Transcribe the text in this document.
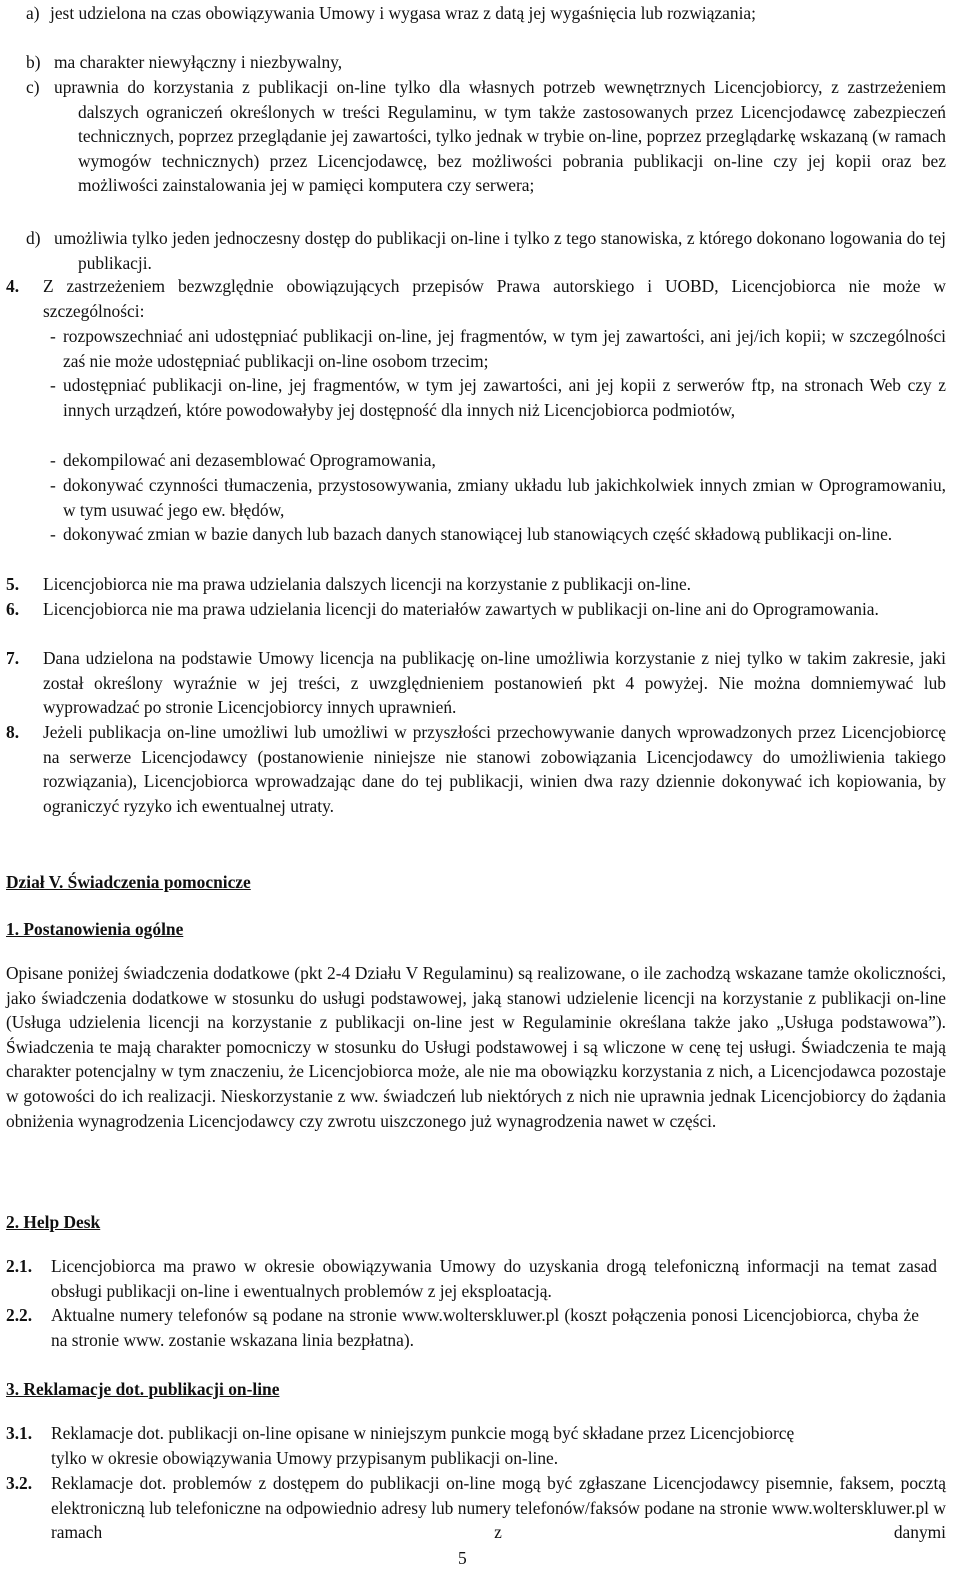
a) jest udzielona na czas obowiązywania Umowy i wygasa wraz z datą jej wygaśnięcia lub rozwiązania;
b) ma charakter niewyłączny i niezbywalny,
c) uprawnia do korzystania z publikacji on-line tylko dla własnych potrzeb wewnętrznych Licencjobiorcy, z zastrzeżeniem dalszych ograniczeń określonych w treści Regulaminu, w tym także zastosowanych przez Licencjodawcę zabezpieczeń technicznych, poprzez przeglądanie jej zawartości, tylko jednak w trybie on-line, poprzez przeglądarkę wskazaną (w ramach wymogów technicznych) przez Licencjodawcę, bez możliwości pobrania publikacji on-line czy jej kopii oraz bez możliwości zainstalowania jej w pamięci komputera czy serwera;
d) umożliwia tylko jeden jednoczesny dostęp do publikacji on-line i tylko z tego stanowiska, z którego dokonano logowania do tej publikacji.
4. Z zastrzeżeniem bezwzględnie obowiązujących przepisów Prawa autorskiego i UOBD, Licencjobiorca nie może w szczególności:
- rozpowszechniać ani udostępniać publikacji on-line, jej fragmentów, w tym jej zawartości, ani jej/ich kopii; w szczególności zaś nie może udostępniać publikacji on-line osobom trzecim;
- udostępniać publikacji on-line, jej fragmentów, w tym jej zawartości, ani jej kopii z serwerów ftp, na stronach Web czy z innych urządzeń, które powodowałyby jej dostępność dla innych niż Licencjobiorca podmiotów,
- dekompilować ani dezasemblować Oprogramowania,
- dokonywać czynności tłumaczenia, przystosowywania, zmiany układu lub jakichkolwiek innych zmian w Oprogramowaniu, w tym usuwać jego ew. błędów,
- dokonywać zmian w bazie danych lub bazach danych stanowiącej lub stanowiących część składową publikacji on-line.
5. Licencjobiorca nie ma prawa udzielania dalszych licencji na korzystanie z publikacji on-line.
6. Licencjobiorca nie ma prawa udzielania licencji do materiałów zawartych w publikacji on-line ani do Oprogramowania.
7. Dana udzielona na podstawie Umowy licencja na publikację on-line umożliwia korzystanie z niej tylko w takim zakresie, jaki został określony wyraźnie w jej treści, z uwzględnieniem postanowień pkt 4 powyżej. Nie można domniemywać lub wyprowadzać po stronie Licencjobiorcy innych uprawnień.
8. Jeżeli publikacja on-line umożliwi lub umożliwi w przyszłości przechowywanie danych wprowadzonych przez Licencjobiorcę na serwerze Licencjodawcy (postanowienie niniejsze nie stanowi zobowiązania Licencjodawcy do umożliwienia takiego rozwiązania), Licencjobiorca wprowadzając dane do tej publikacji, winien dwa razy dziennie dokonywać ich kopiowania, by ograniczyć ryzyko ich ewentualnej utraty.
Dział V. Świadczenia pomocnicze
1. Postanowienia ogólne
Opisane poniżej świadczenia dodatkowe (pkt 2-4 Działu V Regulaminu) są realizowane, o ile zachodzą wskazane tamże okoliczności, jako świadczenia dodatkowe w stosunku do usługi podstawowej, jaką stanowi udzielenie licencji na korzystanie z publikacji on-line (Usługa udzielenia licencji na korzystanie z publikacji on-line jest w Regulaminie określana także jako „Usługa podstawowa”). Świadczenia te mają charakter pomocniczy w stosunku do Usługi podstawowej i są wliczone w cenę tej usługi. Świadczenia te mają charakter potencjalny w tym znaczeniu, że Licencjobiorca może, ale nie ma obowiązku korzystania z nich, a Licencjodawca pozostaje w gotowości do ich realizacji. Nieskorzystanie z ww. świadczeń lub niektórych z nich nie uprawnia jednak Licencjobiorcy do żądania obniżenia wynagrodzenia Licencjodawcy czy zwrotu uiszczonego już wynagrodzenia nawet w części.
2. Help Desk
2.1. Licencjobiorca ma prawo w okresie obowiązywania Umowy do uzyskania drogą telefoniczną informacji na temat zasad obsługi publikacji on-line i ewentualnych problemów z jej eksploatacją.
2.2. Aktualne numery telefonów są podane na stronie www.wolterskluwer.pl (koszt połączenia ponosi Licencjobiorca, chyba że na stronie www. zostanie wskazana linia bezpłatna).
3. Reklamacje dot. publikacji on-line
3.1. Reklamacje dot. publikacji on-line opisane w niniejszym punkcie mogą być składane przez Licencjobiorcę tylko w okresie obowiązywania Umowy przypisanym publikacji on-line.
3.2. Reklamacje dot. problemów z dostępem do publikacji on-line mogą być zgłaszane Licencjodawcy pisemnie, faksem, pocztą elektroniczną lub telefoniczne na odpowiednio adresy lub numery telefonów/faksów podane na stronie www.wolterskluwer.pl w ramach z danymi
5
